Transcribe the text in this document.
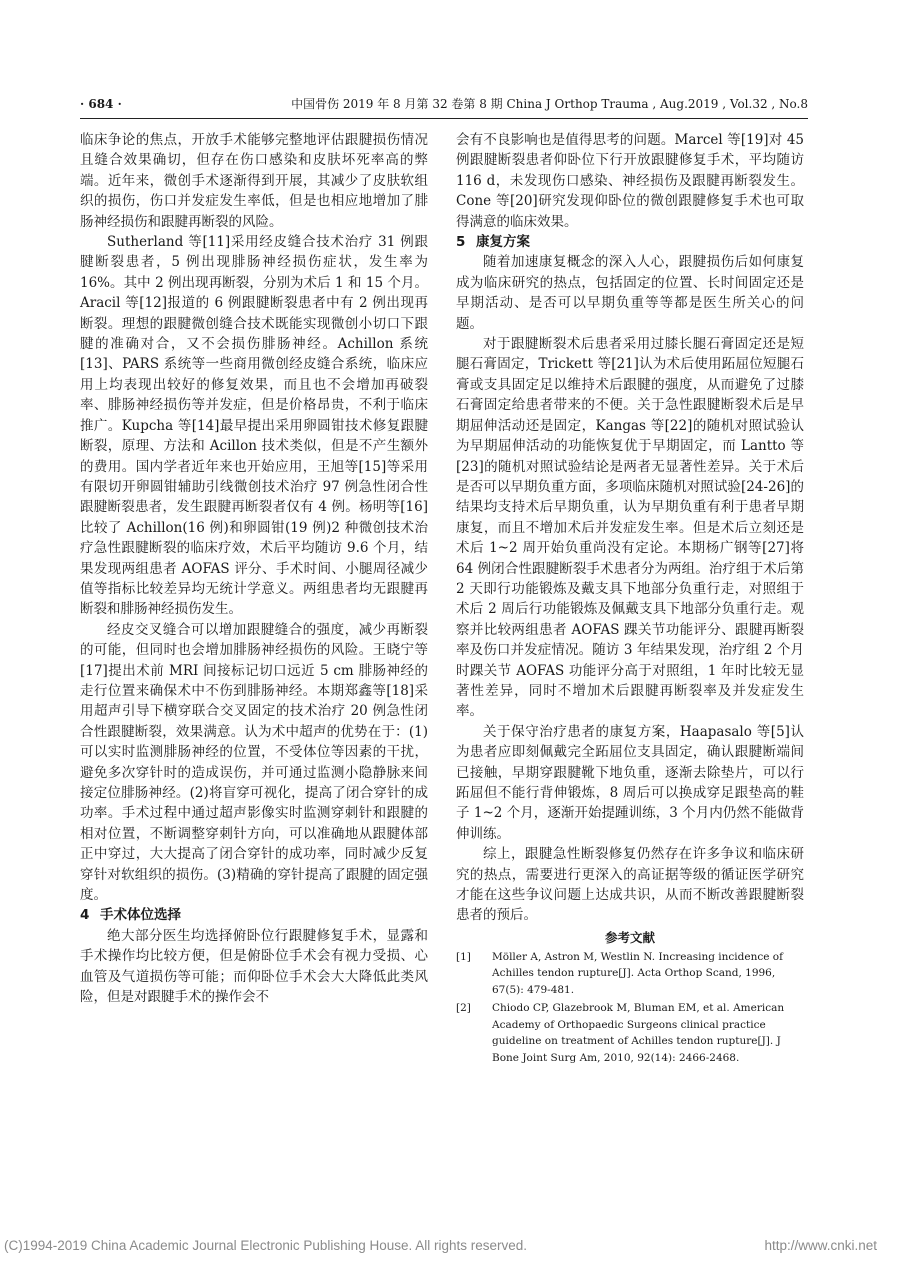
· 684 ·	中国骨伤 2019 年 8 月第 32 卷第 8 期 China J Orthop Trauma , Aug.2019 , Vol.32 , No.8

临床争论的焦点，开放手术能够完整地评估跟腱损伤情况且缝合效果确切，但存在伤口感染和皮肤坏死率高的弊端。近年来，微创手术逐渐得到开展，其减少了皮肤软组织的损伤，伤口并发症发生率低，但是也相应地增加了腓肠神经损伤和跟腱再断裂的风险。

Sutherland 等[11]采用经皮缝合技术治疗 31 例跟腱断裂患者，5 例出现腓肠神经损伤症状，发生率为 16%。其中 2 例出现再断裂，分别为术后 1 和 15 个月。Aracil 等[12]报道的 6 例跟腱断裂患者中有 2 例出现再断裂。理想的跟腱微创缝合技术既能实现微创小切口下跟腱的准确对合，又不会损伤腓肠神经。Achillon 系统[13]、PARS 系统等一些商用微创经皮缝合系统，临床应用上均表现出较好的修复效果，而且也不会增加再破裂率、腓肠神经损伤等并发症，但是价格昂贵，不利于临床推广。Kupcha 等[14]最早提出采用卵圆钳技术修复跟腱断裂，原理、方法和 Acillon 技术类似，但是不产生额外的费用。国内学者近年来也开始应用，王旭等[15]等采用有限切开卵圆钳辅助引线微创技术治疗 97 例急性闭合性跟腱断裂患者，发生跟腱再断裂者仅有 4 例。杨明等[16]比较了 Achillon(16 例)和卵圆钳(19 例)2 种微创技术治疗急性跟腱断裂的临床疗效，术后平均随访 9.6 个月，结果发现两组患者 AOFAS 评分、手术时间、小腿周径减少值等指标比较差异均无统计学意义。两组患者均无跟腱再断裂和腓肠神经损伤发生。

经皮交叉缝合可以增加跟腱缝合的强度，减少再断裂的可能，但同时也会增加腓肠神经损伤的风险。王晓宁等[17]提出术前 MRI 间接标记切口远近 5 cm 腓肠神经的走行位置来确保术中不伤到腓肠神经。本期郑鑫等[18]采用超声引导下横穿联合交叉固定的技术治疗 20 例急性闭合性跟腱断裂，效果满意。认为术中超声的优势在于：(1)可以实时监测腓肠神经的位置，不受体位等因素的干扰，避免多次穿针时的造成误伤，并可通过监测小隐静脉来间接定位腓肠神经。(2)将盲穿可视化，提高了闭合穿针的成功率。手术过程中通过超声影像实时监测穿刺针和跟腱的相对位置，不断调整穿刺针方向，可以准确地从跟腱体部正中穿过，大大提高了闭合穿针的成功率，同时减少反复穿针对软组织的损伤。(3)精确的穿针提高了跟腱的固定强度。

4 手术体位选择

绝大部分医生均选择俯卧位行跟腱修复手术，显露和手术操作均比较方便，但是俯卧位手术会有视力受损、心血管及气道损伤等可能；而仰卧位手术会大大降低此类风险，但是对跟腱手术的操作会不

会有不良影响也是值得思考的问题。Marcel 等[19]对 45 例跟腱断裂患者仰卧位下行开放跟腱修复手术，平均随访 116 d，未发现伤口感染、神经损伤及跟腱再断裂发生。Cone 等[20]研究发现仰卧位的微创跟腱修复手术也可取得满意的临床效果。

5 康复方案

随着加速康复概念的深入人心，跟腱损伤后如何康复成为临床研究的热点，包括固定的位置、长时间固定还是早期活动、是否可以早期负重等等都是医生所关心的问题。

对于跟腱断裂术后患者采用过膝长腿石膏固定还是短腿石膏固定，Trickett 等[21]认为术后使用跖屈位短腿石膏或支具固定足以维持术后跟腱的强度，从而避免了过膝石膏固定给患者带来的不便。关于急性跟腱断裂术后是早期屈伸活动还是固定，Kangas 等[22]的随机对照试验认为早期屈伸活动的功能恢复优于早期固定，而 Lantto 等[23]的随机对照试验结论是两者无显著性差异。关于术后是否可以早期负重方面，多项临床随机对照试验[24-26]的结果均支持术后早期负重，认为早期负重有利于患者早期康复，而且不增加术后并发症发生率。但是术后立刻还是术后 1~2 周开始负重尚没有定论。本期杨广钢等[27]将 64 例闭合性跟腱断裂手术患者分为两组。治疗组于术后第 2 天即行功能锻炼及戴支具下地部分负重行走，对照组于术后 2 周后行功能锻炼及佩戴支具下地部分负重行走。观察并比较两组患者 AOFAS 踝关节功能评分、跟腱再断裂率及伤口并发症情况。随访 3 年结果发现，治疗组 2 个月时踝关节 AOFAS 功能评分高于对照组，1 年时比较无显著性差异，同时不增加术后跟腱再断裂率及并发症发生率。

关于保守治疗患者的康复方案，Haapasalo 等[5]认为患者应即刻佩戴完全跖屈位支具固定，确认跟腱断端间已接触，早期穿跟腱靴下地负重，逐渐去除垫片，可以行跖屈但不能行背伸锻炼，8 周后可以换成穿足跟垫高的鞋子 1~2 个月，逐渐开始提踵训练，3 个月内仍然不能做背伸训练。

综上，跟腱急性断裂修复仍然存在许多争议和临床研究的热点，需要进行更深入的高证据等级的循证医学研究才能在这些争议问题上达成共识，从而不断改善跟腱断裂患者的预后。

参考文献
[1] Möller A, Astron M, Westlin N. Increasing incidence of Achilles tendon rupture[J]. Acta Orthop Scand, 1996, 67(5): 479-481.
[2] Chiodo CP, Glazebrook M, Bluman EM, et al. American Academy of Orthopaedic Surgeons clinical practice guideline on treatment of Achilles tendon rupture[J]. J Bone Joint Surg Am, 2010, 92(14): 2466-2468.
(C)1994-2019 China Academic Journal Electronic Publishing House. All rights reserved.	http://www.cnki.net
